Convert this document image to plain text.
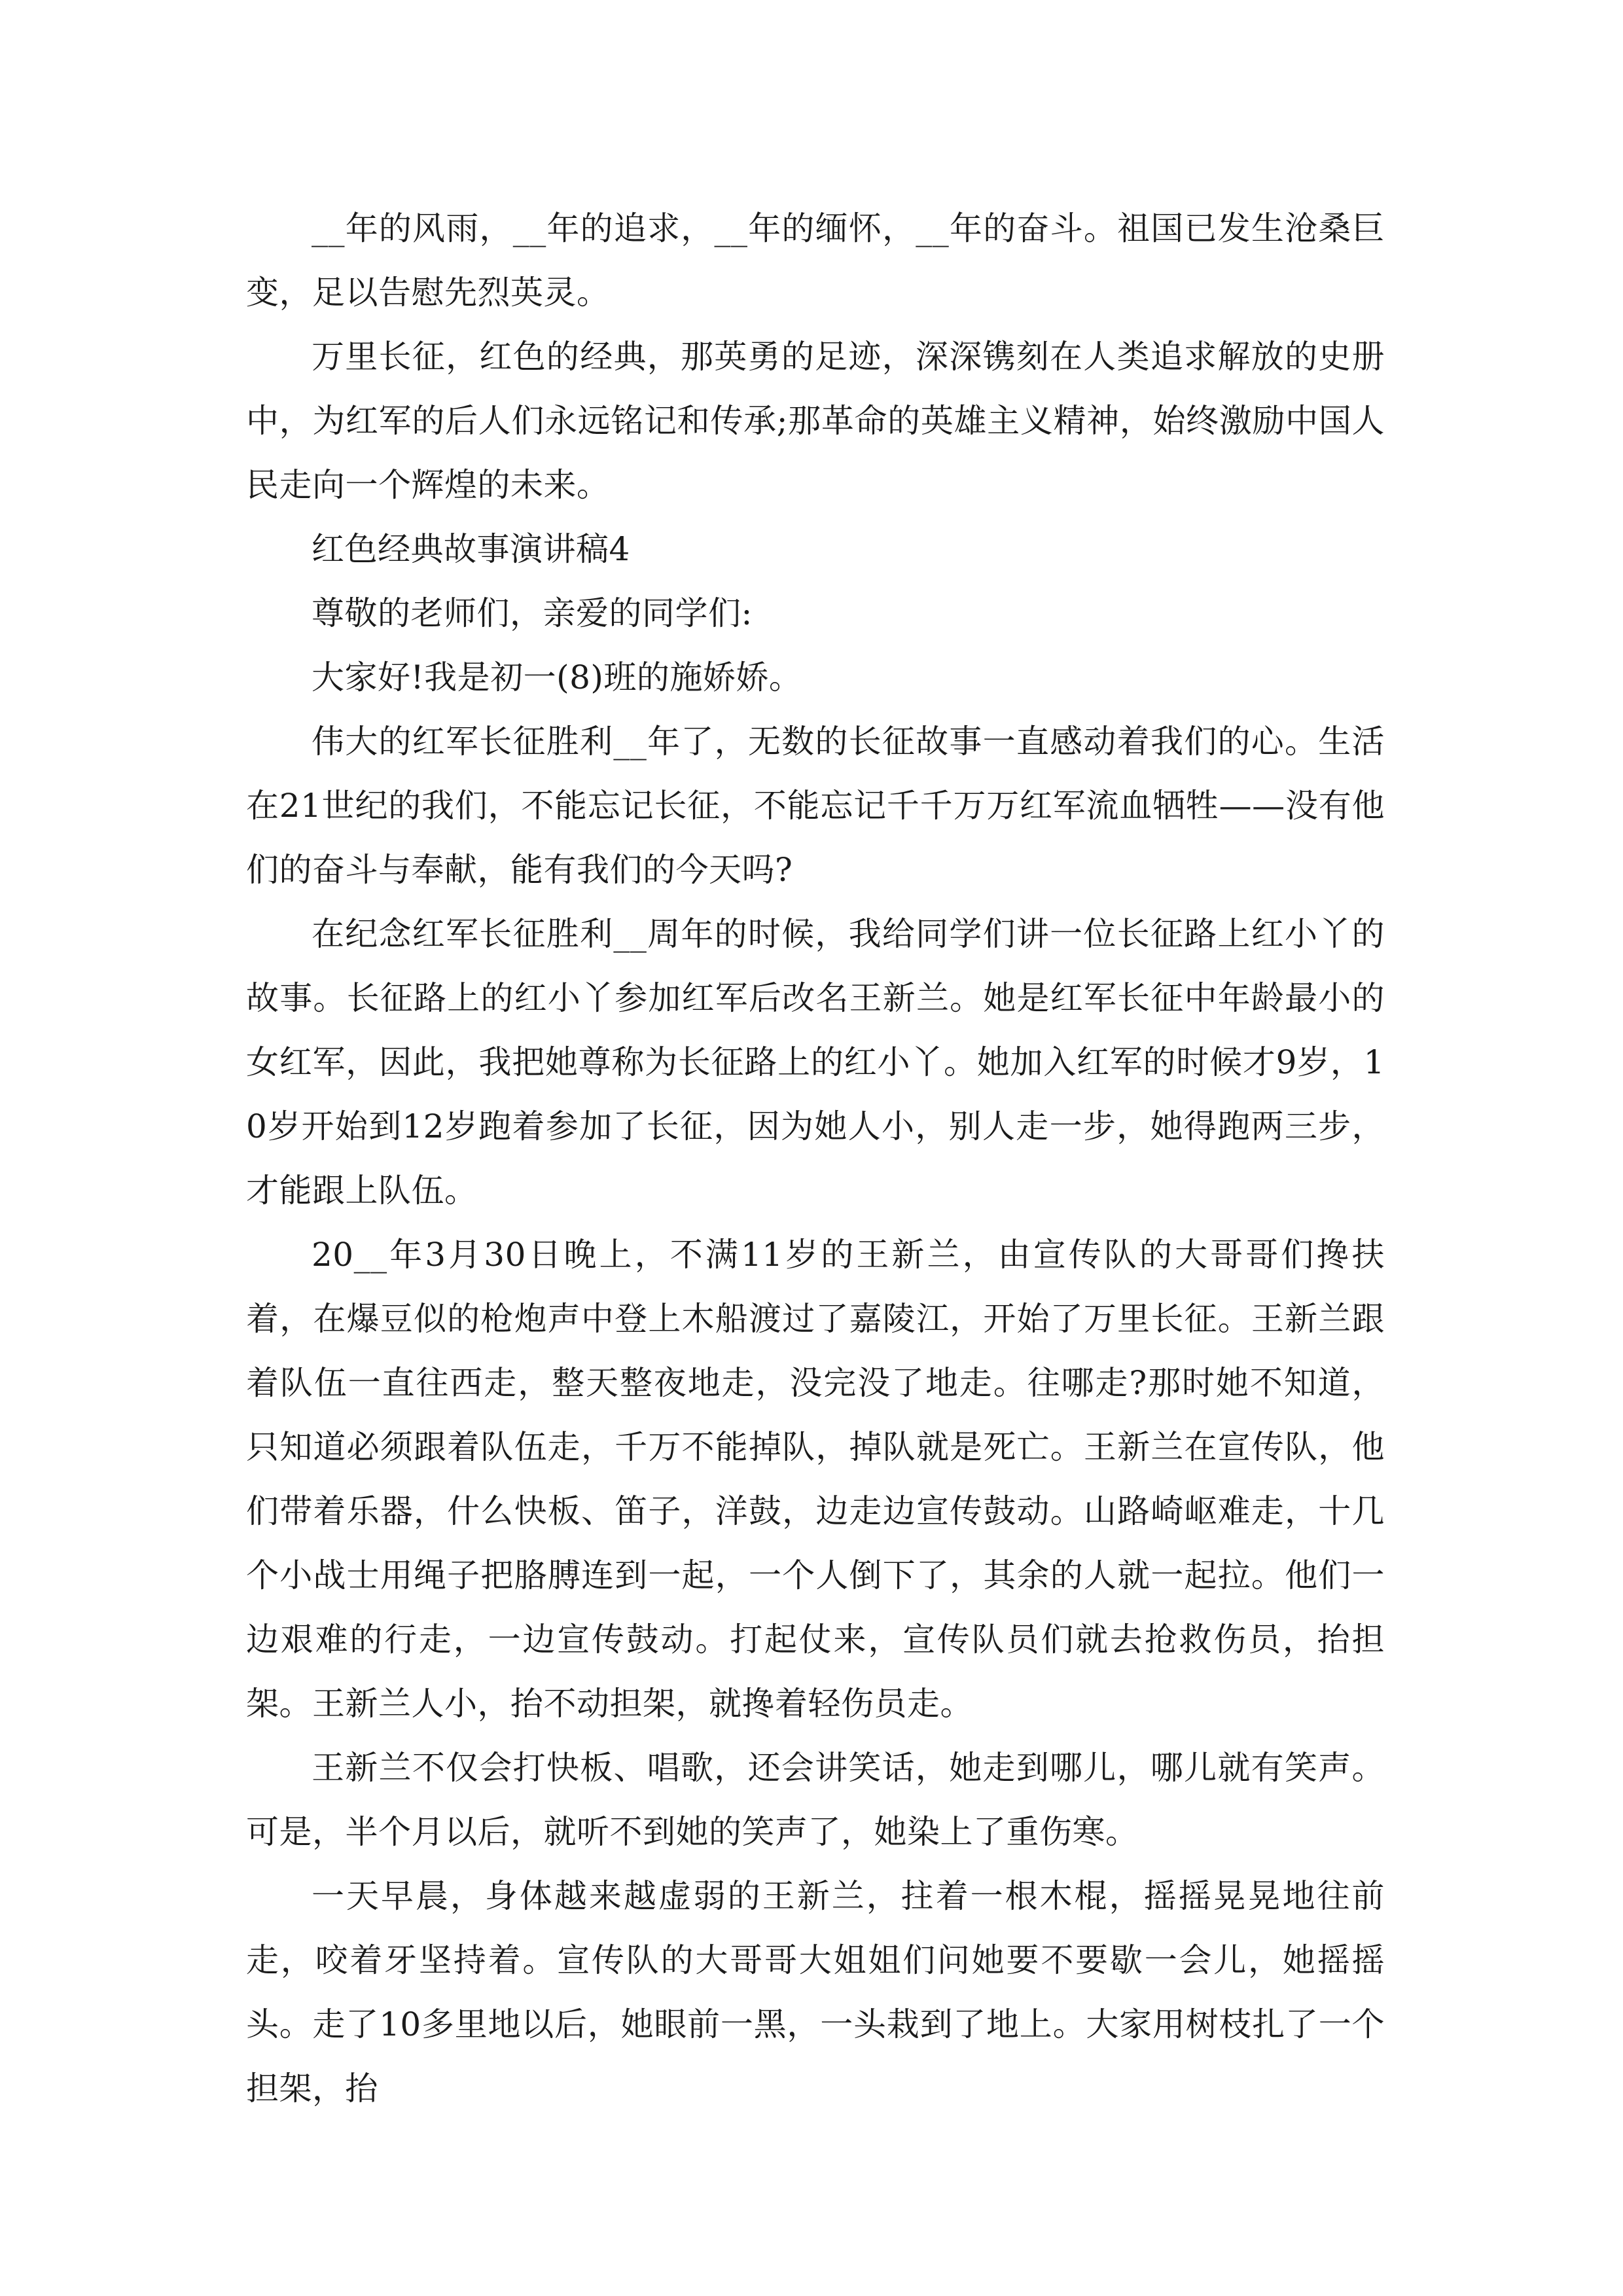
__年的风雨，__年的追求，__年的缅怀，__年的奋斗。祖国已发生沧桑巨变，足以告慰先烈英灵。

万里长征，红色的经典，那英勇的足迹，深深镌刻在人类追求解放的史册中，为红军的后人们永远铭记和传承;那革命的英雄主义精神，始终激励中国人民走向一个辉煌的未来。

红色经典故事演讲稿4

尊敬的老师们，亲爱的同学们:

大家好!我是初一(8)班的施娇娇。

伟大的红军长征胜利__年了，无数的长征故事一直感动着我们的心。生活在21世纪的我们，不能忘记长征，不能忘记千千万万红军流血牺牲——没有他们的奋斗与奉献，能有我们的今天吗?

在纪念红军长征胜利__周年的时候，我给同学们讲一位长征路上红小丫的故事。长征路上的红小丫参加红军后改名王新兰。她是红军长征中年龄最小的女红军，因此，我把她尊称为长征路上的红小丫。她加入红军的时候才9岁，10岁开始到12岁跑着参加了长征，因为她人小，别人走一步，她得跑两三步，才能跟上队伍。

20__年3月30日晚上，不满11岁的王新兰，由宣传队的大哥哥们搀扶着，在爆豆似的枪炮声中登上木船渡过了嘉陵江，开始了万里长征。王新兰跟着队伍一直往西走，整天整夜地走，没完没了地走。往哪走?那时她不知道，只知道必须跟着队伍走，千万不能掉队，掉队就是死亡。王新兰在宣传队，他们带着乐器，什么快板、笛子，洋鼓，边走边宣传鼓动。山路崎岖难走，十几个小战士用绳子把胳膊连到一起，一个人倒下了，其余的人就一起拉。他们一边艰难的行走，一边宣传鼓动。打起仗来，宣传队员们就去抢救伤员，抬担架。王新兰人小，抬不动担架，就搀着轻伤员走。

王新兰不仅会打快板、唱歌，还会讲笑话，她走到哪儿，哪儿就有笑声。可是，半个月以后，就听不到她的笑声了，她染上了重伤寒。

一天早晨，身体越来越虚弱的王新兰，拄着一根木棍，摇摇晃晃地往前走，咬着牙坚持着。宣传队的大哥哥大姐姐们问她要不要歇一会儿，她摇摇头。走了10多里地以后，她眼前一黑，一头栽到了地上。大家用树枝扎了一个担架，抬
